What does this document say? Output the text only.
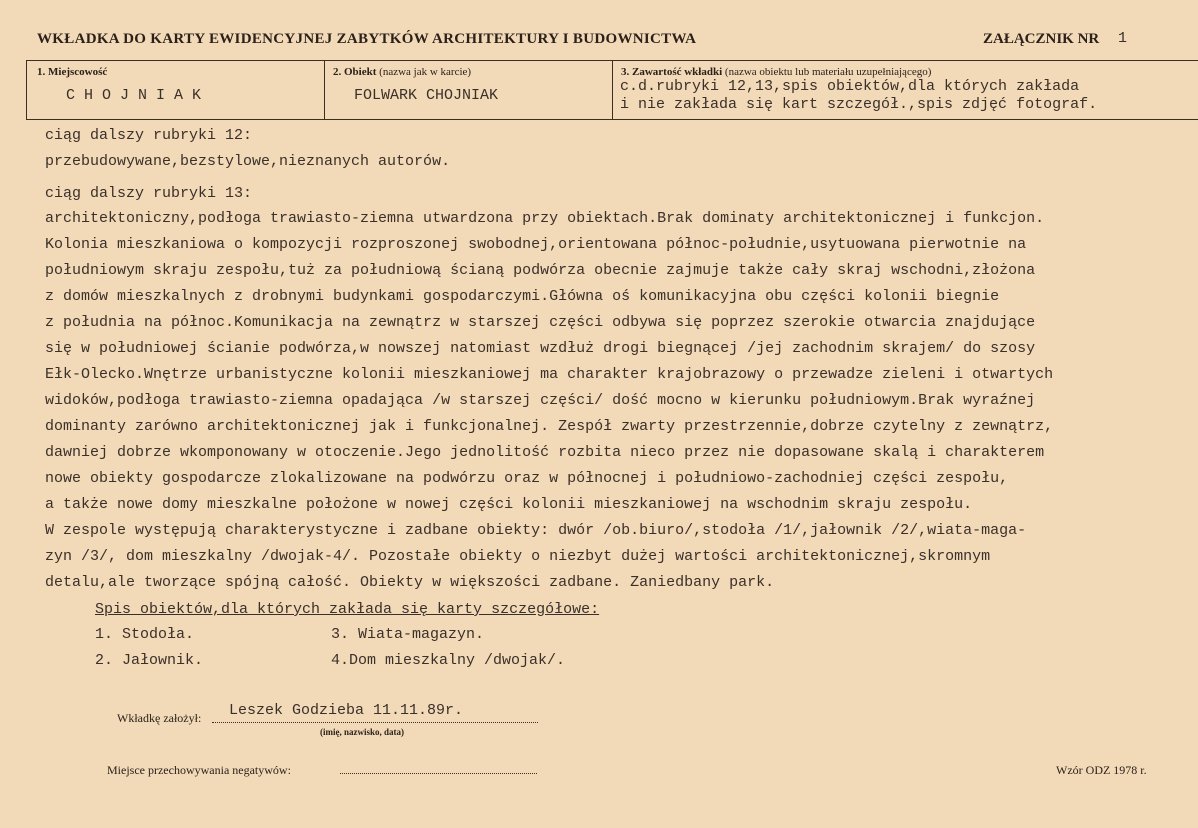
WKŁADKA DO KARTY EWIDENCYJNEJ ZABYTKÓW ARCHITEKTURY I BUDOWNICTWA	ZAŁĄCZNIK NR 1
1. Miejscowość	2. Obiekt (nazwa jak w karcie)	3. Zawartość wkładki (nazwa obiektu lub materiału uzupełniającego)
CHOJNIAK	FOLWARK CHOJNIAK
c.d.rubryki 12,13,spis obiektów,dla których zakłada
i nie zakłada się kart szczegół.,spis zdjęć fotograf.
ciąg dalszy rubryki 12:
przebudowywane,bezstylowe,nieznanych autorów.
ciąg dalszy rubryki 13:
architektoniczny,podłoga trawiasto-ziemna utwardzona przy obiektach.Brak dominaty architektonicznej i funkcjon.
Kolonia mieszkaniowa o kompozycji rozproszonej swobodnej,orientowana północ-południe,usytuowana pierwotnie na
południowym skraju zespołu,tuż za południową ścianą podwórza obecnie zajmuje także cały skraj wschodni,złożona
z domów mieszkalnych z drobnymi budynkami gospodarczymi.Główna oś komunikacyjna obu części kolonii biegnie
z południa na północ.Komunikacja na zewnątrz w starszej części odbywa się poprzez szerokie otwarcia znajdujące
się w południowej ścianie podwórza,w nowszej natomiast wzdłuż drogi biegnącej /jej zachodnim skrajem/ do szosy
Ełk-Olecko.Wnętrze urbanistyczne kolonii mieszkaniowej ma charakter krajobrazowy o przewadze zieleni i otwartych
widoków,podłoga trawiasto-ziemna opadająca /w starszej części/ dość mocno w kierunku południowym.Brak wyraźnej
dominanty zarówno architektonicznej jak i funkcjonalnej. Zespół zwarty przestrzennie,dobrze czytelny z zewnątrz,
dawniej dobrze wkomponowany w otoczenie.Jego jednolitość rozbita nieco przez nie dopasowane skalą i charakterem
nowe obiekty gospodarcze zlokalizowane na podwórzu oraz w północnej i południowo-zachodniej części zespołu,
a także nowe domy mieszkalne położone w nowej części kolonii mieszkaniowej na wschodnim skraju zespołu.
W zespole występują charakterystyczne i zadbane obiekty: dwór /ob.biuro/,stodoła /1/,jałownik /2/,wiata-maga-
zyn /3/, dom mieszkalny /dwojak-4/. Pozostałe obiekty o niezbyt dużej wartości architektonicznej,skromnym
detalu,ale tworzące spójną całość. Obiekty w większości zadbane. Zaniedbany park.
Spis obiektów,dla których zakłada się karty szczegółowe:
1. Stodoła.
2. Jałownik.
3. Wiata-magazyn.
4.Dom mieszkalny /dwojak/.
Wkładkę założył: Leszek Godzieba 11.11.89r.
(imię, nazwisko, data)
Miejsce przechowywania negatywów:	Wzór ODZ 1978 r.
